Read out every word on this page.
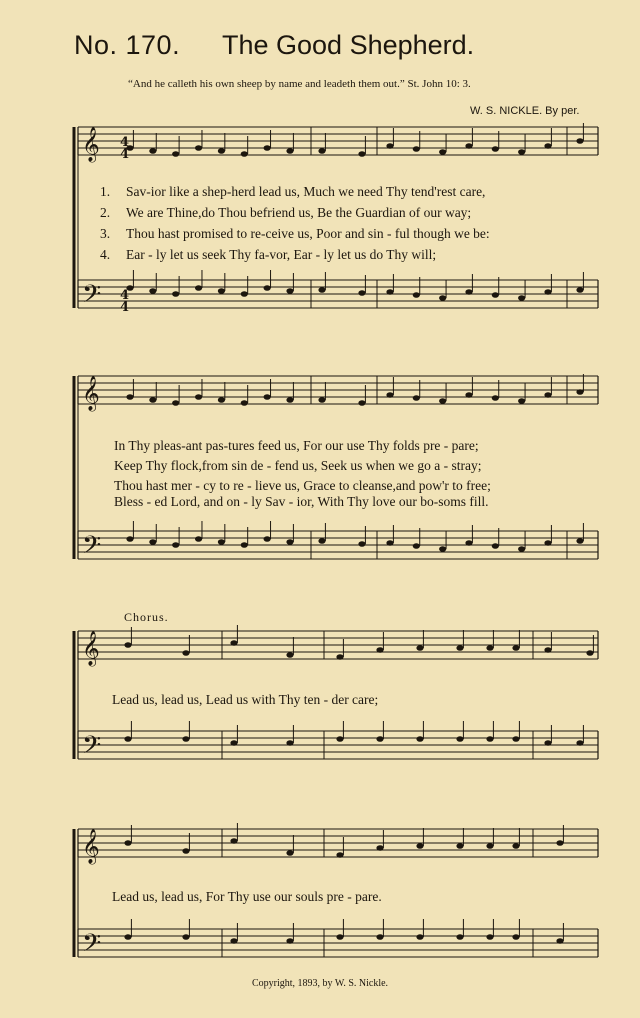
No. 170. The Good Shepherd.
“And he calleth his own sheep by name and leadeth them out.” St. John 10: 3.
W. S. NICKLE. By per.
1. Sav-ior like a shep-herd lead us, Much we need Thy tend'rest care,
2. We are Thine,do Thou befriend us, Be the Guardian of our way;
3. Thou hast promised to re-ceive us, Poor and sin - ful though we be:
4. Ear - ly let us seek Thy fa-vor, Ear - ly let us do Thy will;
In Thy pleas-ant pas-tures feed us, For our use Thy folds pre - pare;
Keep Thy flock,from sin de - fend us, Seek us when we go a - stray;
Thou hast mer - cy to re - lieve us, Grace to cleanse,and pow'r to free;
Bless - ed Lord, and on - ly Sav - ior, With Thy love our bo-soms fill.
Chorus.
Lead us, lead us, Lead us with Thy ten - der care;
Lead us, lead us, For Thy use our souls pre - pare.
Copyright, 1893, by W. S. Nickle.
𝄞
𝄢
𝄞
𝄢
𝄞
𝄢
𝄞
𝄢
4
4
4
4
